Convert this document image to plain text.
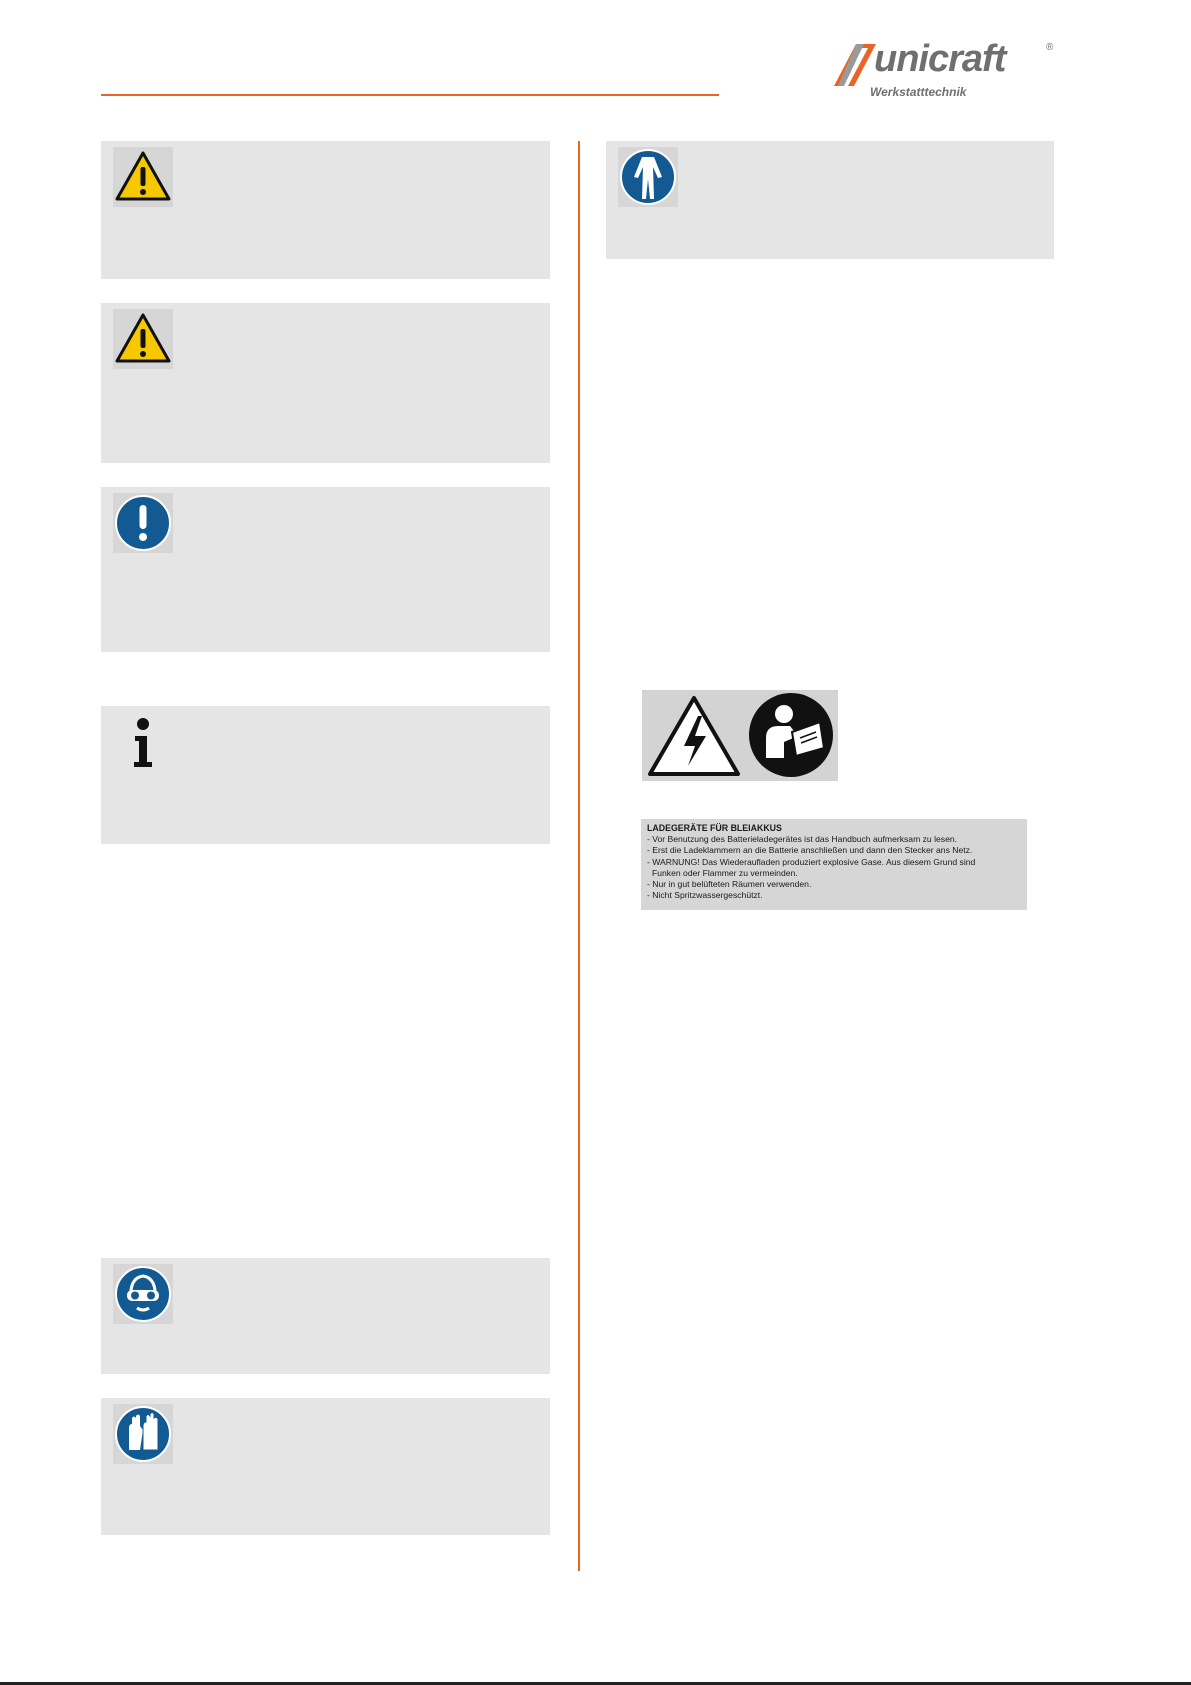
unicraft	®
Werkstatttechnik
LADEGERÄTE FÜR BLEIAKKUS
- Vor Benutzung des Batterieladegerätes ist das Handbuch aufmerksam zu lesen.
- Erst die Ladeklammern an die Batterie anschließen und dann den Stecker ans Netz.
- WARNUNG! Das Wiederaufladen produziert explosive Gase. Aus diesem Grund sind
Funken oder Flammer zu vermeinden.
- Nur in gut belüfteten Räumen verwenden.
- Nicht Spritzwassergeschützt.
